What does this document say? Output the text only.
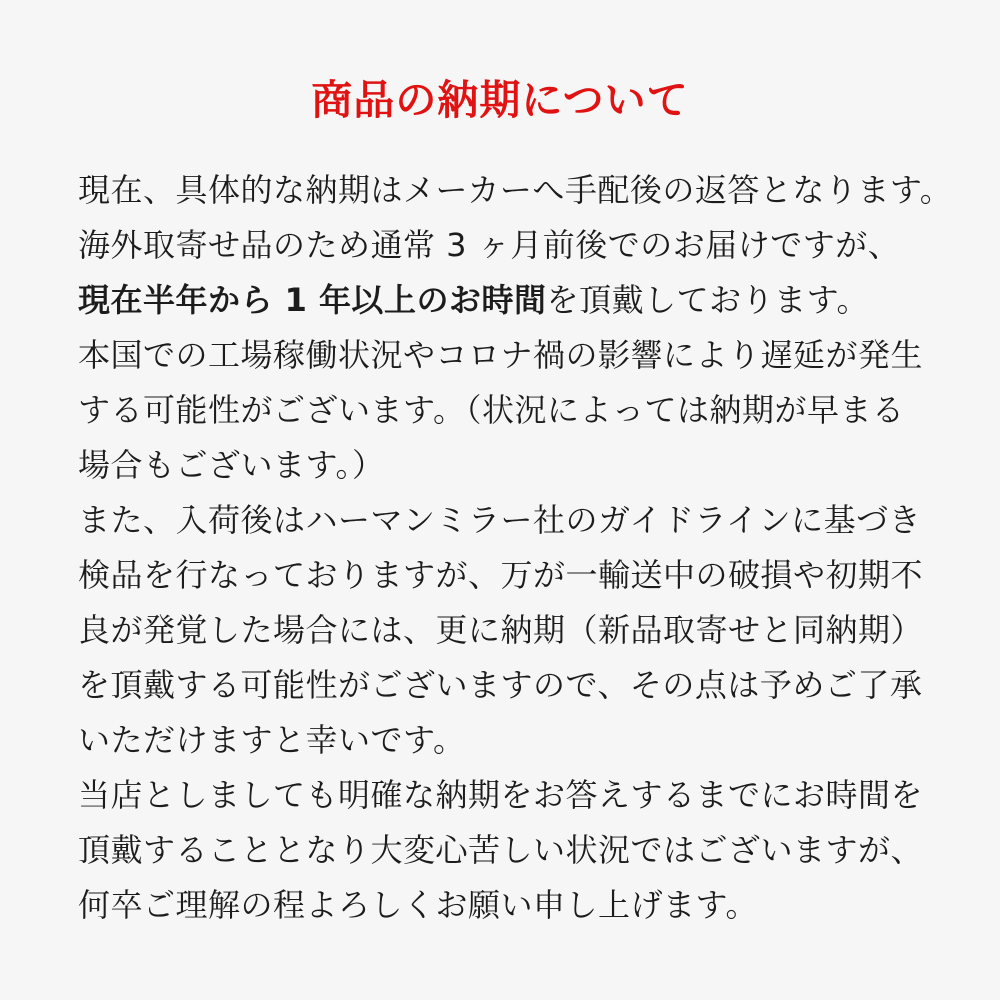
商品の納期について
現在、具体的な納期はメーカーへ手配後の返答となります。
海外取寄せ品のため通常 3 ヶ月前後でのお届けですが、
現在半年から 1 年以上のお時間を頂戴しております。
本国での工場稼働状況やコロナ禍の影響により遅延が発生
する可能性がございます。（状況によっては納期が早まる
場合もございます。）
また、入荷後はハーマンミラー社のガイドラインに基づき
検品を行なっておりますが、万が一輸送中の破損や初期不
良が発覚した場合には、更に納期（新品取寄せと同納期）
を頂戴する可能性がございますので、その点は予めご了承
いただけますと幸いです。
当店としましても明確な納期をお答えするまでにお時間を
頂戴することとなり大変心苦しい状況ではございますが、
何卒ご理解の程よろしくお願い申し上げます。
